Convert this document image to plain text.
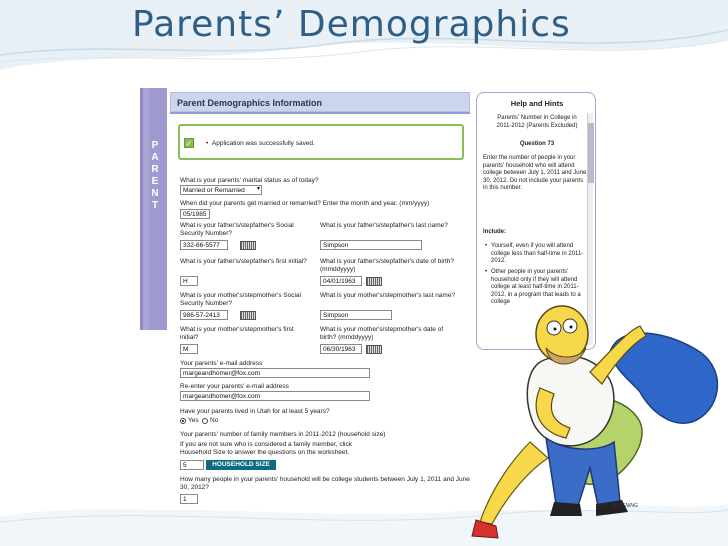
Parents’ Demographics
P
A
R
E
N
T
Parent Demographics Information
✓ •  Application was successfully saved.
What is your parents' marital status as of today?
Married or Remarried ▾
When did your parents get married or remarried? Enter the month and year. (mm/yyyy)
05/1985
What is your father's/stepfather's Social Security Number?
332-66-5577
What is your father's/stepfather's last name?
Simpson
What is your father's/stepfather's first initial?
H
What is your father's/stepfather's date of birth? (mmddyyyy)
04/01/1963
What is your mother's/stepmother's Social Security Number?
986-57-2413
What is your mother's/stepmother's last name?
Simpson
What is your mother's/stepmother's first initial?
M
What is your mother's/stepmother's date of birth? (mmddyyyy)
06/30/1963
Your parents' e-mail address
margeandhomer@fox.com
Re-enter your parents' e-mail address
margeandhomer@fox.com
Have your parents lived in Utah for at least 5 years?
Yes No
Your parents' number of family members in 2011-2012 (household size)
If you are not sure who is considered a family member, click Household Size to answer the questions on the worksheet.
5	HOUSEHOLD SIZE
How many people in your parents' household will be college students between July 1, 2011 and June 30, 2012?
1
Help and Hints
Parents' Number in College in 2011-2012 (Parents Excluded)
Question 73
Enter the number of people in your parents' household who will attend college between July 1, 2011 and June 30, 2012. Do not include your parents in this number.
Include:
• Yourself, even if you will attend college less than half-time in 2011-2012.
• Other people in your parents' household only if they will attend college at least half-time in 2011-2012, in a program that leads to a college
MATT GROENING
